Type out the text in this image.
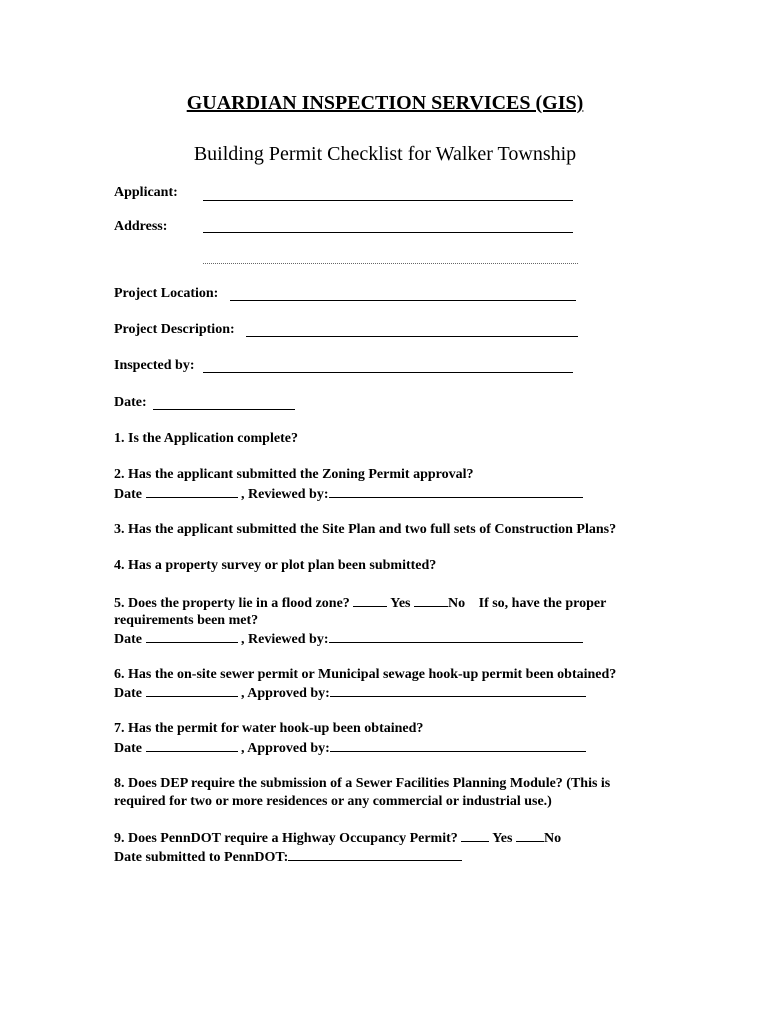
GUARDIAN INSPECTION SERVICES (GIS)
Building Permit Checklist for Walker Township
Applicant:
Address:
Project Location:
Project Description:
Inspected by:
Date:
1. Is the Application complete?
2. Has the applicant submitted the Zoning Permit approval?
Date	, Reviewed by:
3. Has the applicant submitted the Site Plan and two full sets of Construction Plans?
4. Has a property survey or plot plan been submitted?
5. Does the property lie in a flood zone?	Yes	No If so, have the proper
requirements been met?
Date	, Reviewed by:
6. Has the on-site sewer permit or Municipal sewage hook-up permit been obtained?
Date	, Approved by:
7. Has the permit for water hook-up been obtained?
Date	, Approved by:
8. Does DEP require the submission of a Sewer Facilities Planning Module? (This is
required for two or more residences or any commercial or industrial use.)
9. Does PennDOT require a Highway Occupancy Permit? Yes No
Date submitted to PennDOT:
